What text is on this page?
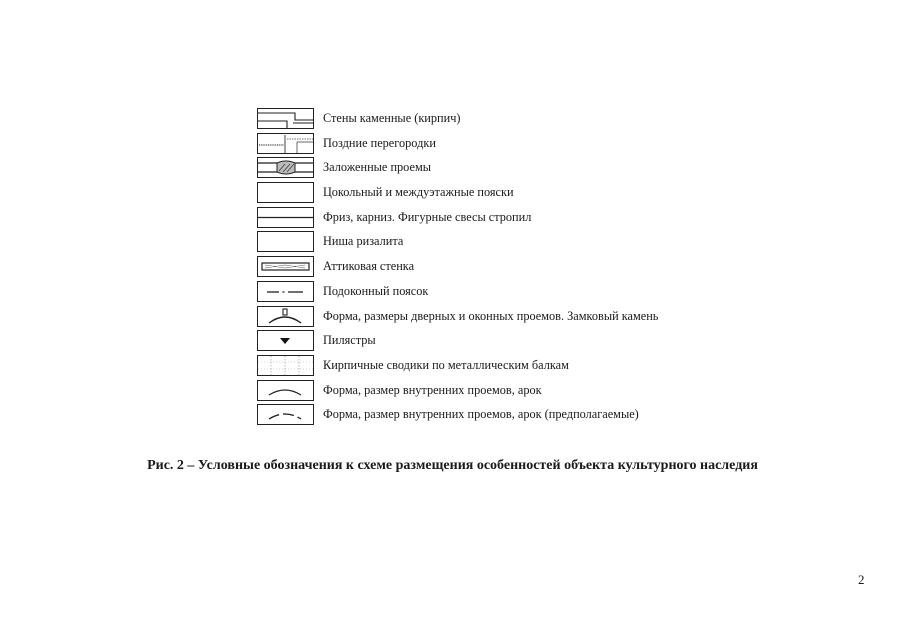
Стены каменные (кирпич)
Поздние перегородки
Заложенные проемы
Цокольный и междуэтажные пояски
Фриз, карниз. Фигурные свесы стропил
Ниша ризалита
Аттиковая стенка
Подоконный поясок
Форма, размеры дверных и оконных проемов. Замковый камень
Пилястры
Кирпичные сводики по металлическим балкам
Форма, размер внутренних проемов, арок
Форма, размер внутренних проемов, арок (предполагаемые)
Рис. 2 – Условные обозначения к схеме размещения особенностей объекта культурного наследия
2
